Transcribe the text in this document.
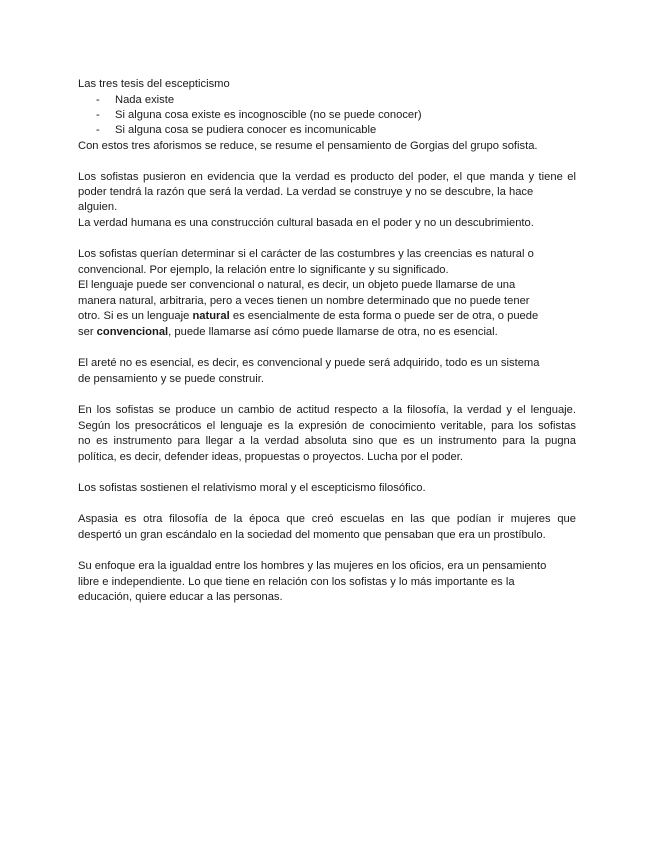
Las tres tesis del escepticismo
- Nada existe
- Si alguna cosa existe es incognoscible (no se puede conocer)
- Si alguna cosa se pudiera conocer es incomunicable
Con estos tres aforismos se reduce, se resume el pensamiento de Gorgias del grupo sofista.
Los sofistas pusieron en evidencia que la verdad es producto del poder, el que manda y tiene el
poder tendrá la razón que será la verdad. La verdad se construye y no se descubre, la hace
alguien.
La verdad humana es una construcción cultural basada en el poder y no un descubrimiento.
Los sofistas querían determinar si el carácter de las costumbres y las creencias es natural o
convencional. Por ejemplo, la relación entre lo significante y su significado.
El lenguaje puede ser convencional o natural, es decir, un objeto puede llamarse de una
manera natural, arbitraria, pero a veces tienen un nombre determinado que no puede tener
otro. Si es un lenguaje natural es esencialmente de esta forma o puede ser de otra, o puede
ser convencional, puede llamarse así cómo puede llamarse de otra, no es esencial.
El areté no es esencial, es decir, es convencional y puede será adquirido, todo es un sistema
de pensamiento y se puede construir.
En los sofistas se produce un cambio de actitud respecto a la filosofía, la verdad y el lenguaje.
Según los presocráticos el lenguaje es la expresión de conocimiento veritable, para los sofistas
no es instrumento para llegar a la verdad absoluta sino que es un instrumento para la pugna
política, es decir, defender ideas, propuestas o proyectos. Lucha por el poder.
Los sofistas sostienen el relativismo moral y el escepticismo filosófico.
Aspasia es otra filosofía de la época que creó escuelas en las que podían ir mujeres que
despertó un gran escándalo en la sociedad del momento que pensaban que era un prostíbulo.
Su enfoque era la igualdad entre los hombres y las mujeres en los oficios, era un pensamiento
libre e independiente. Lo que tiene en relación con los sofistas y lo más importante es la
educación, quiere educar a las personas.
